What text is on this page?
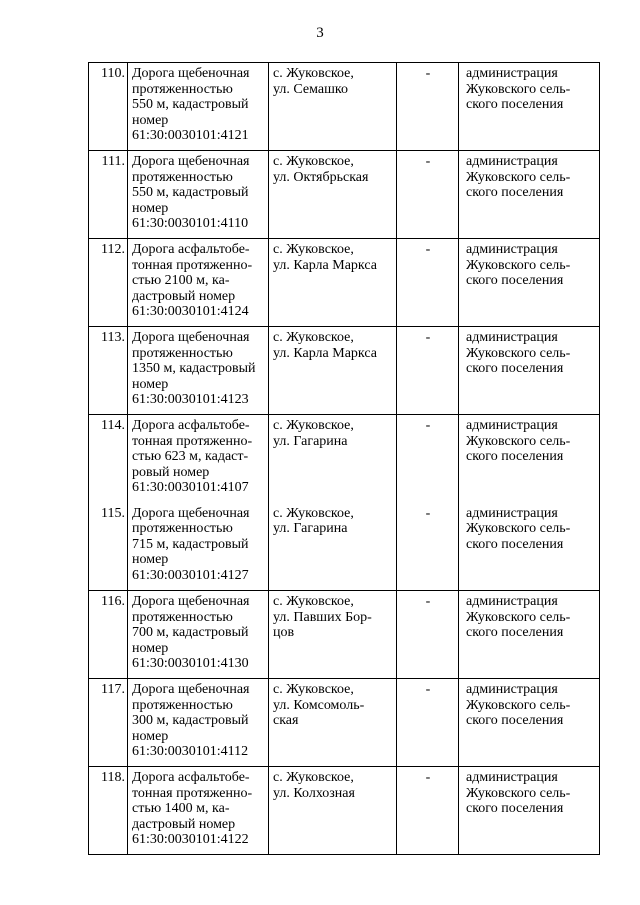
3
110.	Дорога щебеночная
протяженностью
550 м, кадастровый
номер
61:30:0030101:4121	с. Жуковское,
ул. Семашко	-	администрация
Жуковского сель-
ского поселения
111.	Дорога щебеночная
протяженностью
550 м, кадастровый
номер
61:30:0030101:4110	с. Жуковское,
ул. Октябрьская	-	администрация
Жуковского сель-
ского поселения
112.	Дорога асфальтобе-
тонная протяженно-
стью 2100 м, ка-
дастровый номер
61:30:0030101:4124	с. Жуковское,
ул. Карла Маркса	-	администрация
Жуковского сель-
ского поселения
113.	Дорога щебеночная
протяженностью
1350 м, кадастровый
номер
61:30:0030101:4123	с. Жуковское,
ул. Карла Маркса	-	администрация
Жуковского сель-
ского поселения
114.	Дорога асфальтобе-
тонная протяженно-
стью 623 м, кадаст-
ровый номер
61:30:0030101:4107	с. Жуковское,
ул. Гагарина	-	администрация
Жуковского сель-
ского поселения
115.	Дорога щебеночная
протяженностью
715 м, кадастровый
номер
61:30:0030101:4127	с. Жуковское,
ул. Гагарина	-	администрация
Жуковского сель-
ского поселения
116.	Дорога щебеночная
протяженностью
700 м, кадастровый
номер
61:30:0030101:4130	с. Жуковское,
ул. Павших Бор-
цов	-	администрация
Жуковского сель-
ского поселения
117.	Дорога щебеночная
протяженностью
300 м, кадастровый
номер
61:30:0030101:4112	с. Жуковское,
ул. Комсомоль-
ская	-	администрация
Жуковского сель-
ского поселения
118.	Дорога асфальтобе-
тонная протяженно-
стью 1400 м, ка-
дастровый номер
61:30:0030101:4122	с. Жуковское,
ул. Колхозная	-	администрация
Жуковского сель-
ского поселения
